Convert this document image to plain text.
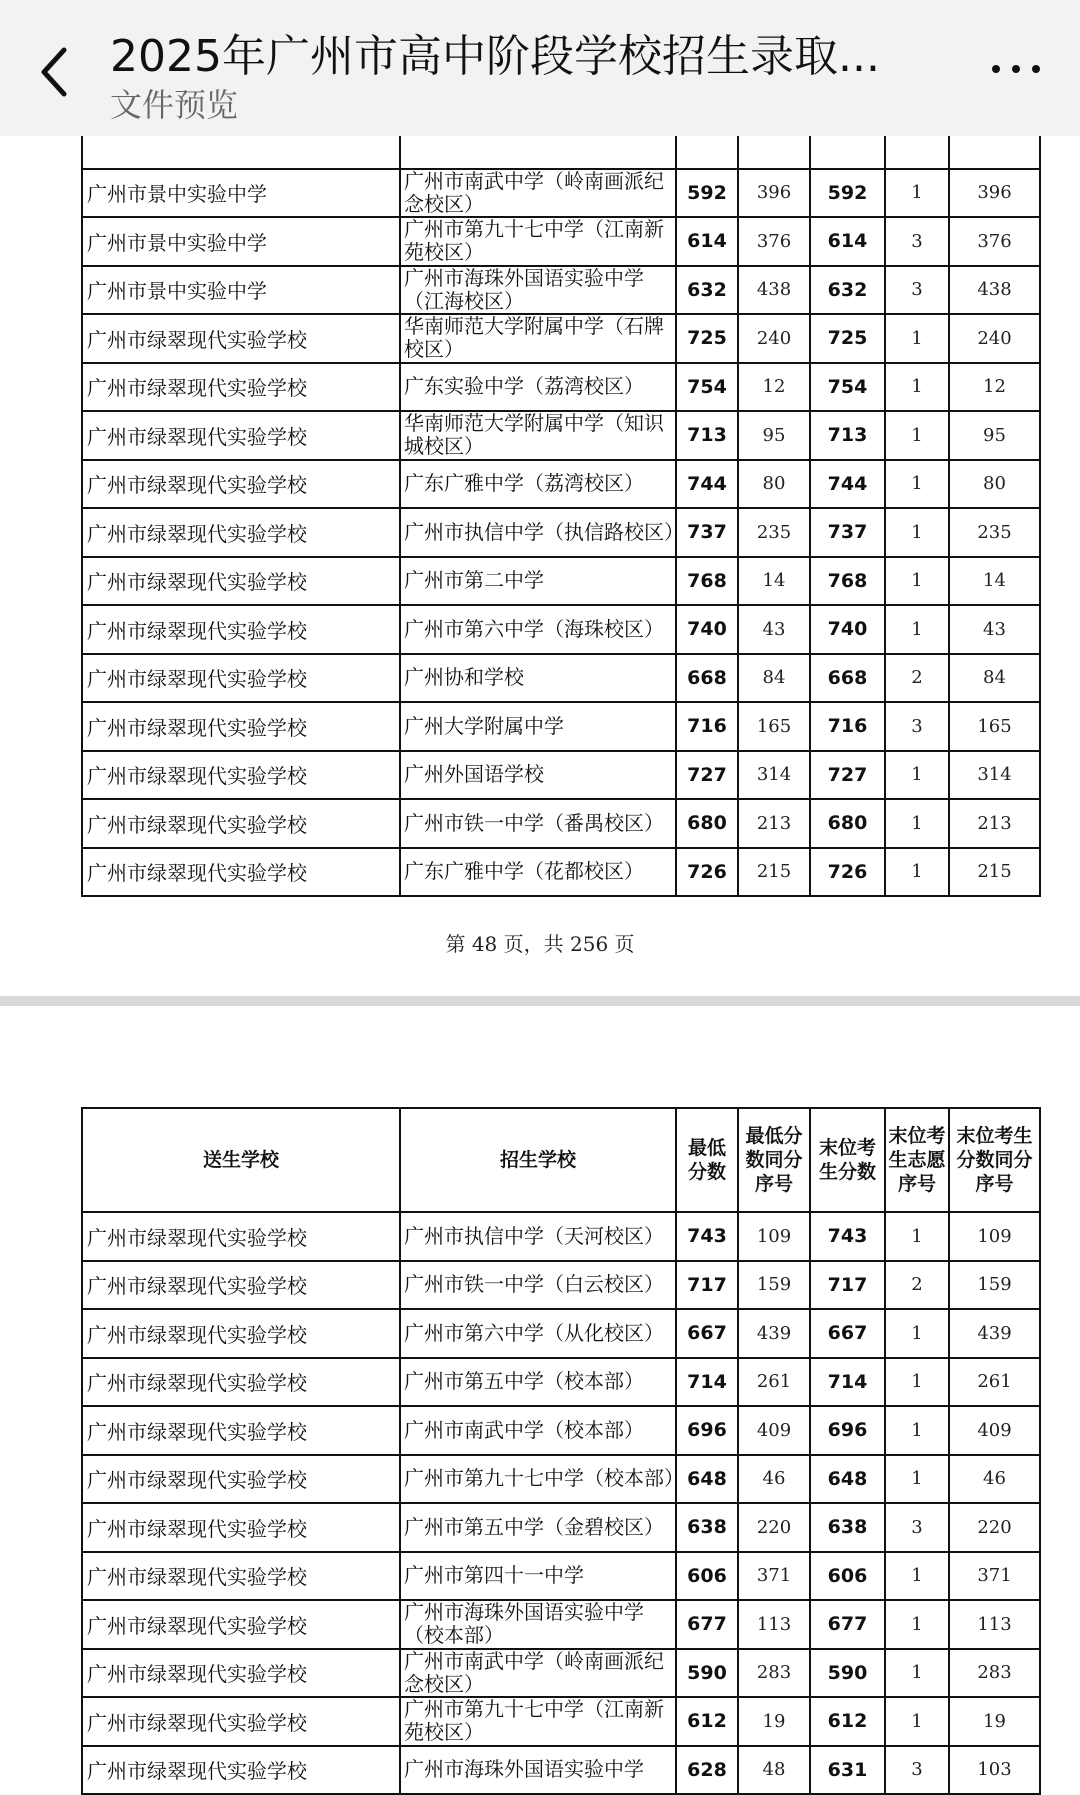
2025年广州市高中阶段学校招生录取...
文件预览

广州市景中实验中学	广州市南武中学（岭南画派纪念校区）	592	396	592	1	396
广州市景中实验中学	广州市第九十七中学（江南新苑校区）	614	376	614	3	376
广州市景中实验中学	广州市海珠外国语实验中学（江海校区）	632	438	632	3	438
广州市绿翠现代实验学校	华南师范大学附属中学（石牌校区）	725	240	725	1	240
广州市绿翠现代实验学校	广东实验中学（荔湾校区）	754	12	754	1	12
广州市绿翠现代实验学校	华南师范大学附属中学（知识城校区）	713	95	713	1	95
广州市绿翠现代实验学校	广东广雅中学（荔湾校区）	744	80	744	1	80
广州市绿翠现代实验学校	广州市执信中学（执信路校区）	737	235	737	1	235
广州市绿翠现代实验学校	广州市第二中学	768	14	768	1	14
广州市绿翠现代实验学校	广州市第六中学（海珠校区）	740	43	740	1	43
广州市绿翠现代实验学校	广州协和学校	668	84	668	2	84
广州市绿翠现代实验学校	广州大学附属中学	716	165	716	3	165
广州市绿翠现代实验学校	广州外国语学校	727	314	727	1	314
广州市绿翠现代实验学校	广州市铁一中学（番禺校区）	680	213	680	1	213
广州市绿翠现代实验学校	广东广雅中学（花都校区）	726	215	726	1	215
第 48 页，共 256 页
送生学校	招生学校	最低分数	最低分数同分序号	末位考生分数	末位考生志愿序号	末位考生分数同分序号
广州市绿翠现代实验学校	广州市执信中学（天河校区）	743	109	743	1	109
广州市绿翠现代实验学校	广州市铁一中学（白云校区）	717	159	717	2	159
广州市绿翠现代实验学校	广州市第六中学（从化校区）	667	439	667	1	439
广州市绿翠现代实验学校	广州市第五中学（校本部）	714	261	714	1	261
广州市绿翠现代实验学校	广州市南武中学（校本部）	696	409	696	1	409
广州市绿翠现代实验学校	广州市第九十七中学（校本部）	648	46	648	1	46
广州市绿翠现代实验学校	广州市第五中学（金碧校区）	638	220	638	3	220
广州市绿翠现代实验学校	广州市第四十一中学	606	371	606	1	371
广州市绿翠现代实验学校	广州市海珠外国语实验中学（校本部）	677	113	677	1	113
广州市绿翠现代实验学校	广州市南武中学（岭南画派纪念校区）	590	283	590	1	283
广州市绿翠现代实验学校	广州市第九十七中学（江南新苑校区）	612	19	612	1	19
广州市绿翠现代实验学校	广州市海珠外国语实验中学	628	48	631	3	103
